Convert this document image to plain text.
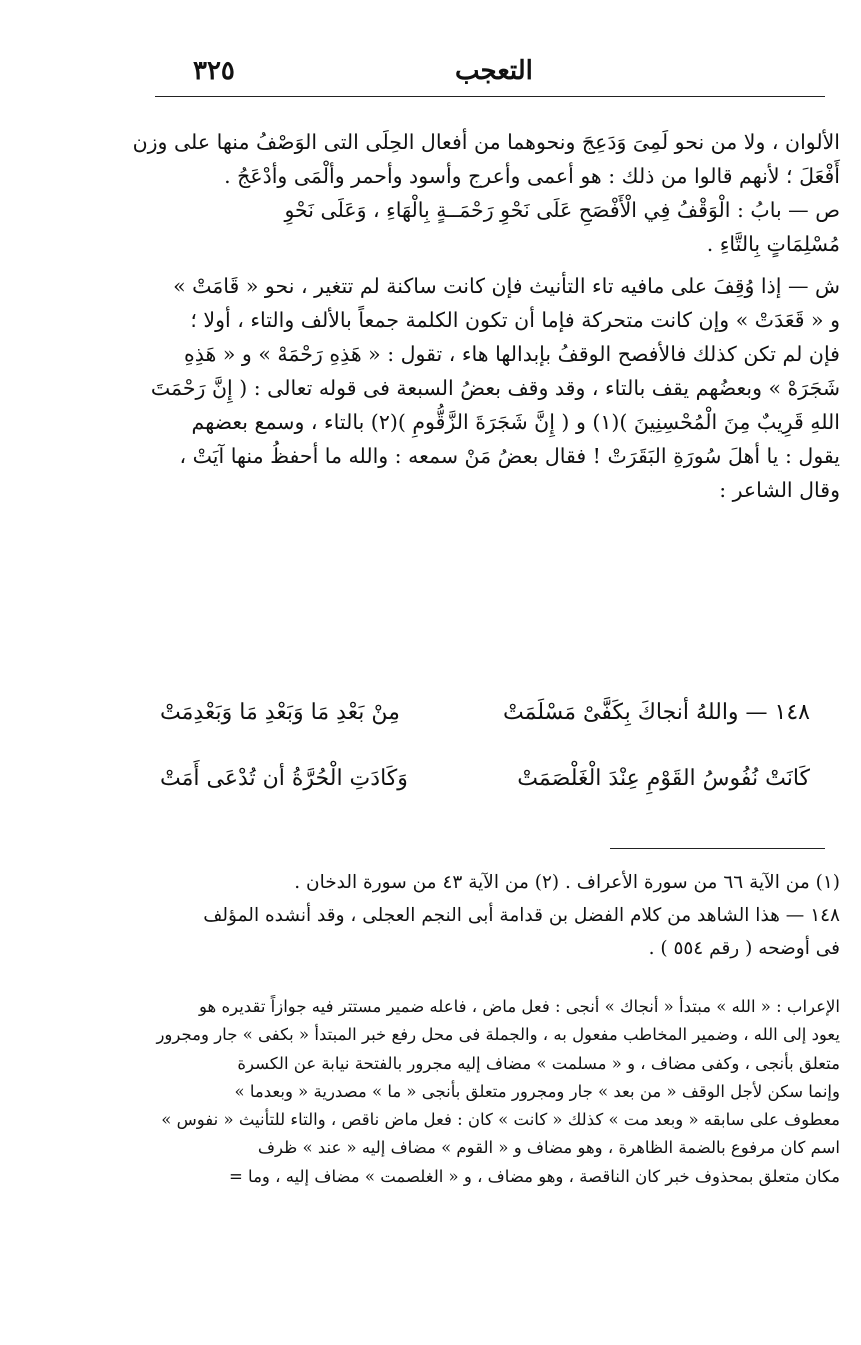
٣٢٥	التعجب

الألوان ، ولا من نحو لَمِىَ وَدَعِجَ ونحوهما من أفعال الحِلَى التى الوَصْفُ منها على وزن

أَفْعَلَ ؛ لأنهم قالوا من ذلك : هو أعمى وأعرج وأسود وأحمر وألْمَى وأدْعَجُ .

ص — بابُ : الْوَقْفُ فِي الْأَفْصَحِ عَلَى نَحْوِ رَحْمَــةٍ بِالْهَاءِ ، وَعَلَى نَحْوِ

مُسْلِمَاتٍ بِالتَّاءِ .

ش — إذا وُقِفَ على مافيه تاء التأنيث فإن كانت ساكنة لم تتغير ، نحو « قَامَتْ »

و « قَعَدَتْ » وإن كانت متحركة فإما أن تكون الكلمة جمعاً بالألف والتاء ، أولا ؛

فإن لم تكن كذلك فالأفصح الوقفُ بإبدالها هاء ، تقول : « هَذِهِ رَحْمَهْ » و « هَذِهِ

شَجَرَهْ » وبعضُهم يقف بالتاء ، وقد وقف بعضُ السبعة فى قوله تعالى : ( إِنَّ رَحْمَتَ

اللهِ قَرِيبٌ مِنَ الْمُحْسِنِينَ )(١) و ( إِنَّ شَجَرَةَ الزَّقُّومِ )(٢) بالتاء ، وسمع بعضهم

يقول : يا أهلَ سُورَةِ البَقَرَتْ ! فقال بعضُ مَنْ سمعه : والله ما أحفظُ منها آيَتْ ،

وقال الشاعر :

١٤٨ — واللهُ أنجاكَ بِكَفَّىْ مَسْلَمَتْ
مِنْ بَعْدِ مَا وَبَعْدِ مَا وَبَعْدِمَتْ
كَانَتْ نُفُوسُ القَوْمِ عِنْدَ الْغَلْصَمَتْ
وَكَادَتِ الْحُرَّةُ أن تُدْعَى أَمَتْ

(١) من الآية ٦٦ من سورة الأعراف . (٢) من الآية ٤٣ من سورة الدخان .

١٤٨ — هذا الشاهد من كلام الفضل بن قدامة أبى النجم العجلى ، وقد أنشده المؤلف

فى أوضحه ( رقم ٥٥٤ ) .

الإعراب : « الله » مبتدأ « أنجاك » أنجى : فعل ماض ، فاعله ضمير مستتر فيه جوازاً تقديره هو

يعود إلى الله ، وضمير المخاطب مفعول به ، والجملة فى محل رفع خبر المبتدأ « بكفى » جار ومجرور

متعلق بأنجى ، وكفى مضاف ، و « مسلمت » مضاف إليه مجرور بالفتحة نيابة عن الكسرة

وإنما سكن لأجل الوقف « من بعد » جار ومجرور متعلق بأنجى « ما » مصدرية « وبعدما »

معطوف على سابقه « وبعد مت » كذلك « كانت » كان : فعل ماض ناقص ، والتاء للتأنيث « نفوس »

اسم كان مرفوع بالضمة الظاهرة ، وهو مضاف و « القوم » مضاف إليه « عند » ظرف

مكان متعلق بمحذوف خبر كان الناقصة ، وهو مضاف ، و « الغلصمت » مضاف إليه ، وما =
